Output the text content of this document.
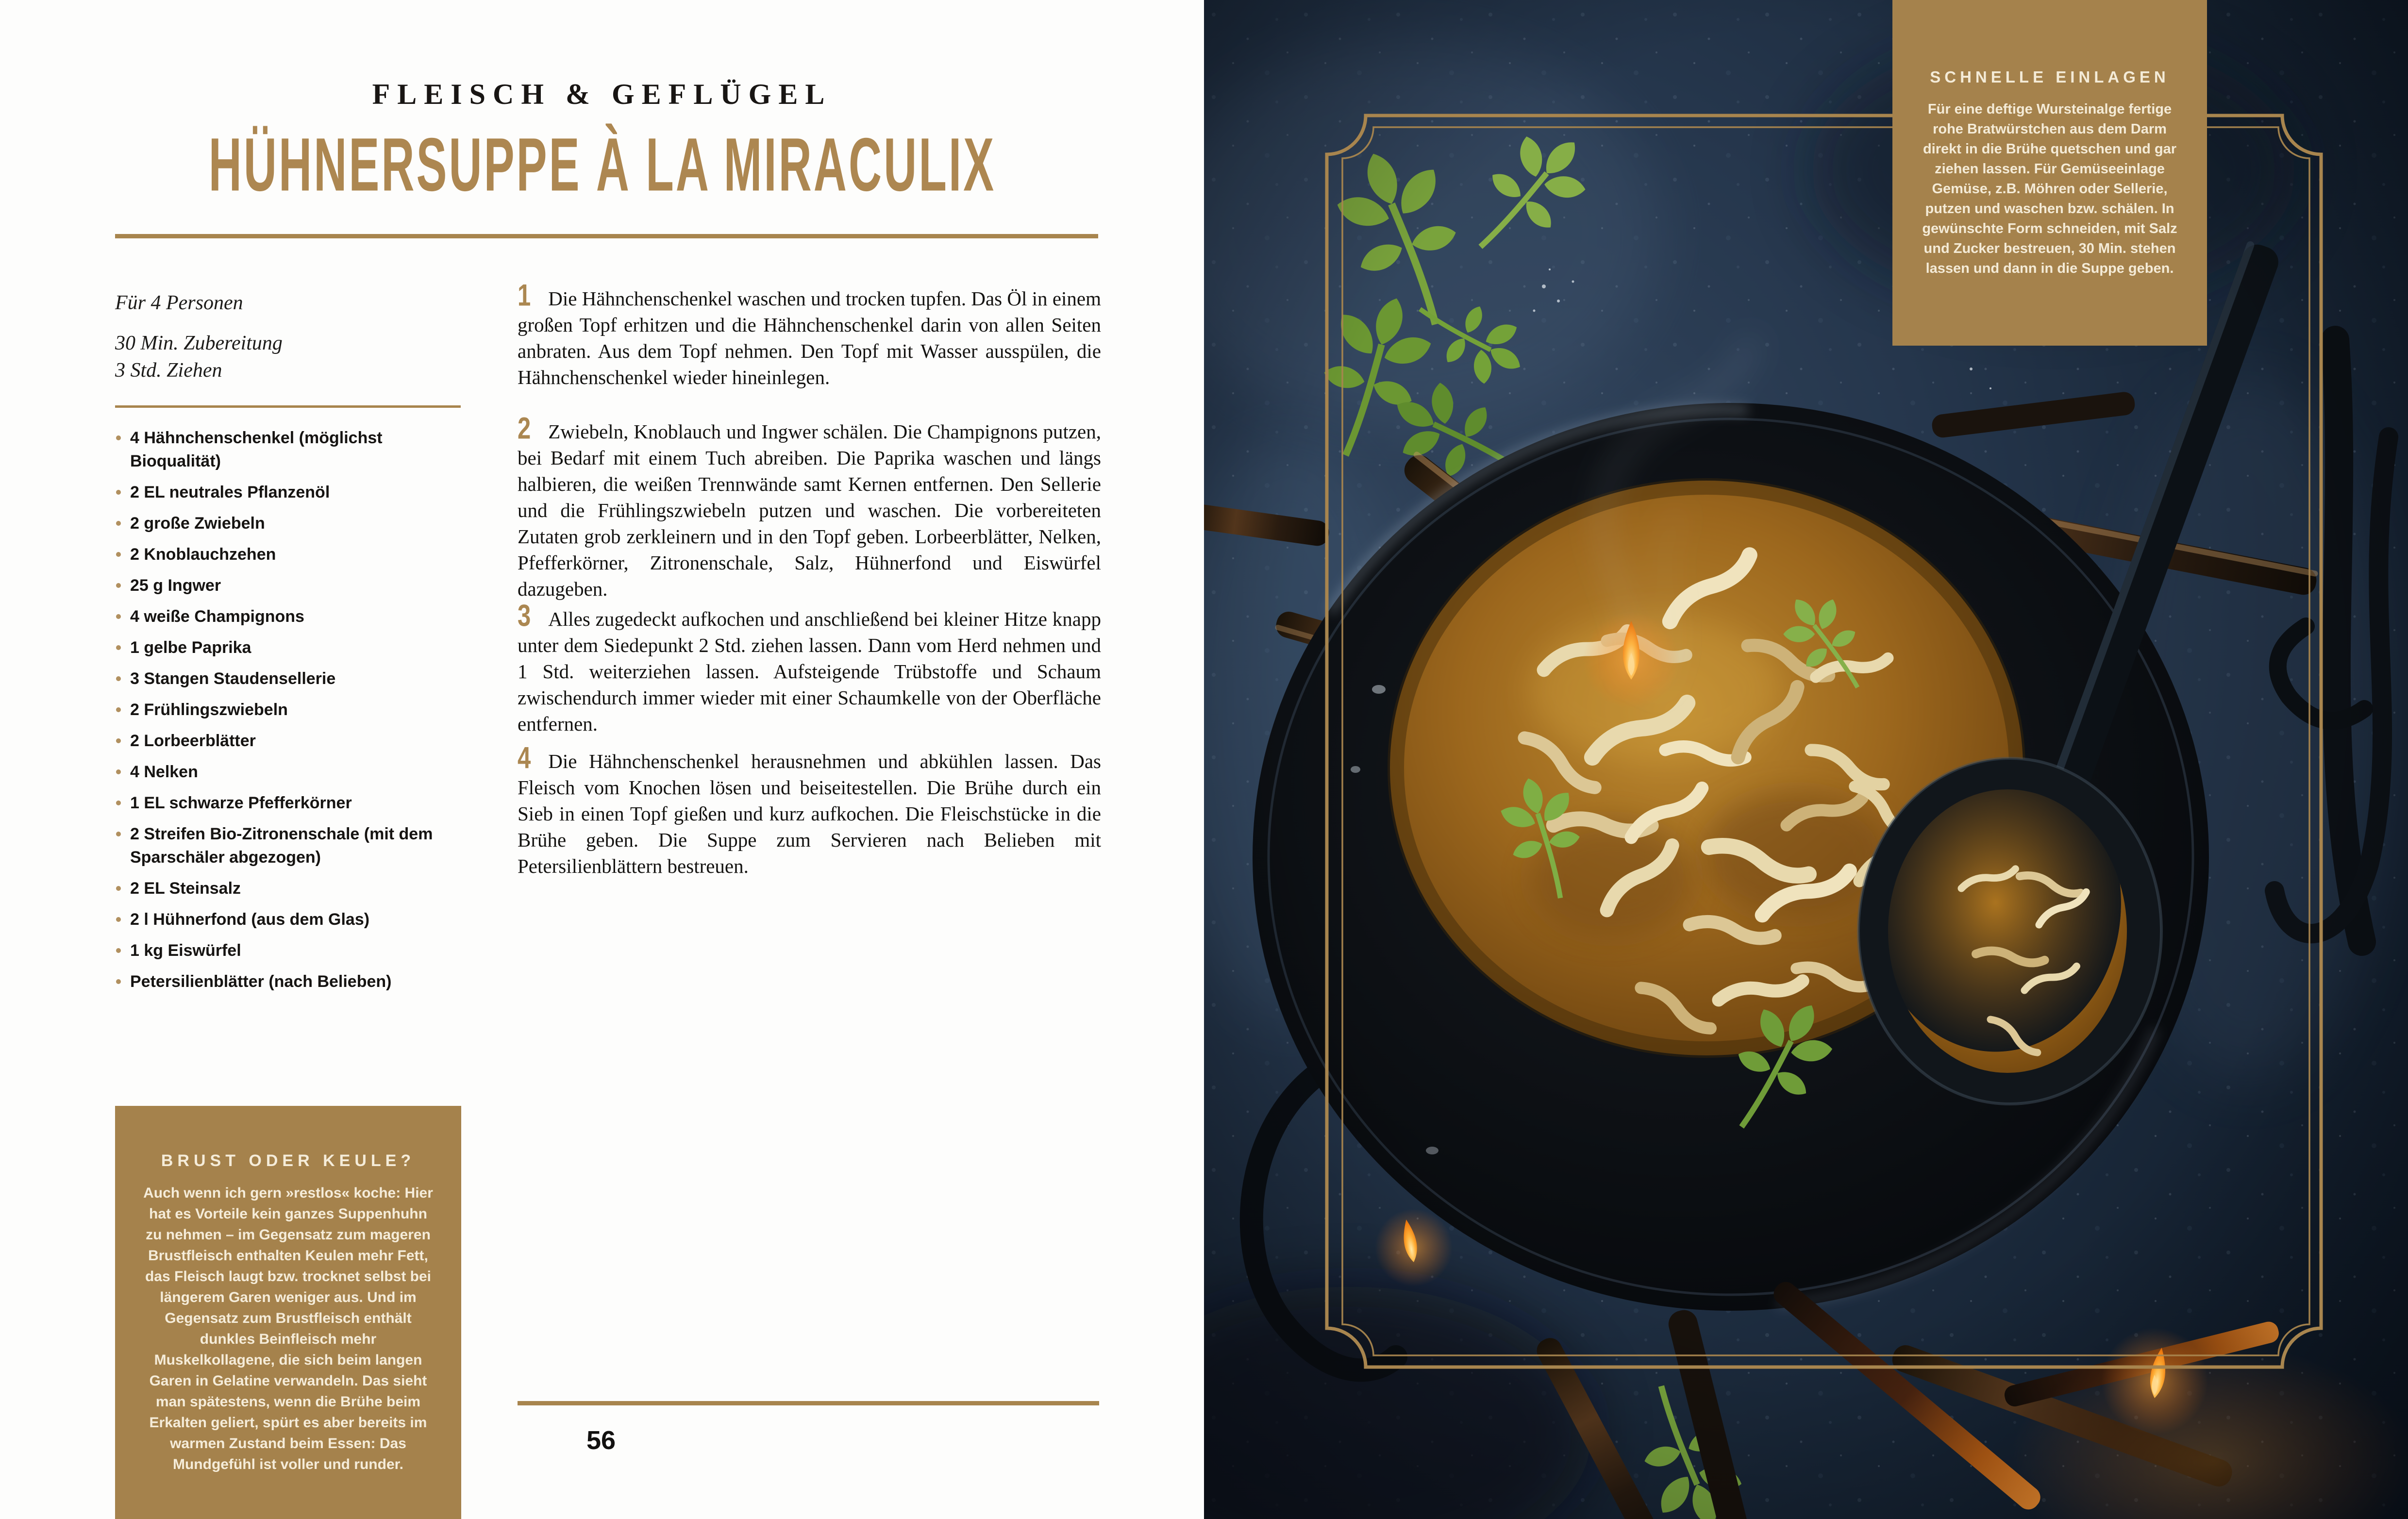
FLEISCH & GEFLÜGEL
HÜHNERSUPPE À LA MIRACULIX
Für 4 Personen
30 Min. Zubereitung
3 Std. Ziehen
4 Hähnchenschenkel (möglichst Bioqualität)
2 EL neutrales Pflanzenöl
2 große Zwiebeln
2 Knoblauchzehen
25 g Ingwer
4 weiße Champignons
1 gelbe Paprika
3 Stangen Staudensellerie
2 Frühlingszwiebeln
2 Lorbeerblätter
4 Nelken
1 EL schwarze Pfefferkörner
2 Streifen Bio-Zitronenschale (mit dem Sparschäler abgezogen)
2 EL Steinsalz
2 l Hühnerfond (aus dem Glas)
1 kg Eiswürfel
Petersilienblätter (nach Belieben)
1 Die Hähnchenschenkel waschen und trocken tupfen. Das Öl in einem großen Topf erhitzen und die Hähnchenschenkel darin von allen Seiten anbraten. Aus dem Topf nehmen. Den Topf mit Wasser ausspülen, die Hähnchenschenkel wieder hineinlegen.
2 Zwiebeln, Knoblauch und Ingwer schälen. Die Champignons putzen, bei Bedarf mit einem Tuch abreiben. Die Paprika waschen und längs halbieren, die weißen Trennwände samt Kernen entfernen. Den Sellerie und die Frühlingszwiebeln putzen und waschen. Die vorbereiteten Zutaten grob zerkleinern und in den Topf geben. Lorbeerblätter, Nelken, Pfefferkörner, Zitronenschale, Salz, Hühnerfond und Eiswürfel dazugeben.
3 Alles zugedeckt aufkochen und anschließend bei kleiner Hitze knapp unter dem Siedepunkt 2 Std. ziehen lassen. Dann vom Herd nehmen und 1 Std. weiterziehen lassen. Aufsteigende Trübstoffe und Schaum zwischendurch immer wieder mit einer Schaumkelle von der Oberfläche entfernen.
4 Die Hähnchenschenkel herausnehmen und abkühlen lassen. Das Fleisch vom Knochen lösen und beiseitestellen. Die Brühe durch ein Sieb in einen Topf gießen und kurz aufkochen. Die Fleischstücke in die Brühe geben. Die Suppe zum Servieren nach Belieben mit Petersilienblättern bestreuen.
BRUST ODER KEULE?
Auch wenn ich gern »restlos« koche: Hier hat es Vorteile kein ganzes Suppenhuhn zu nehmen – im Gegensatz zum mageren Brustfleisch enthalten Keulen mehr Fett, das Fleisch laugt bzw. trocknet selbst bei längerem Garen weniger aus. Und im Gegensatz zum Brustfleisch enthält dunkles Beinfleisch mehr Muskelkollagene, die sich beim langen Garen in Gelatine verwandeln. Das sieht man spätestens, wenn die Brühe beim Erkalten geliert, spürt es aber bereits im warmen Zustand beim Essen: Das Mundgefühl ist voller und runder.
56
SCHNELLE EINLAGEN
Für eine deftige Wursteinalge fertige rohe Bratwürstchen aus dem Darm direkt in die Brühe quetschen und gar ziehen lassen. Für Gemüseeinlage Gemüse, z.B. Möhren oder Sellerie, putzen und waschen bzw. schälen. In gewünschte Form schneiden, mit Salz und Zucker bestreuen, 30 Min. stehen lassen und dann in die Suppe geben.
